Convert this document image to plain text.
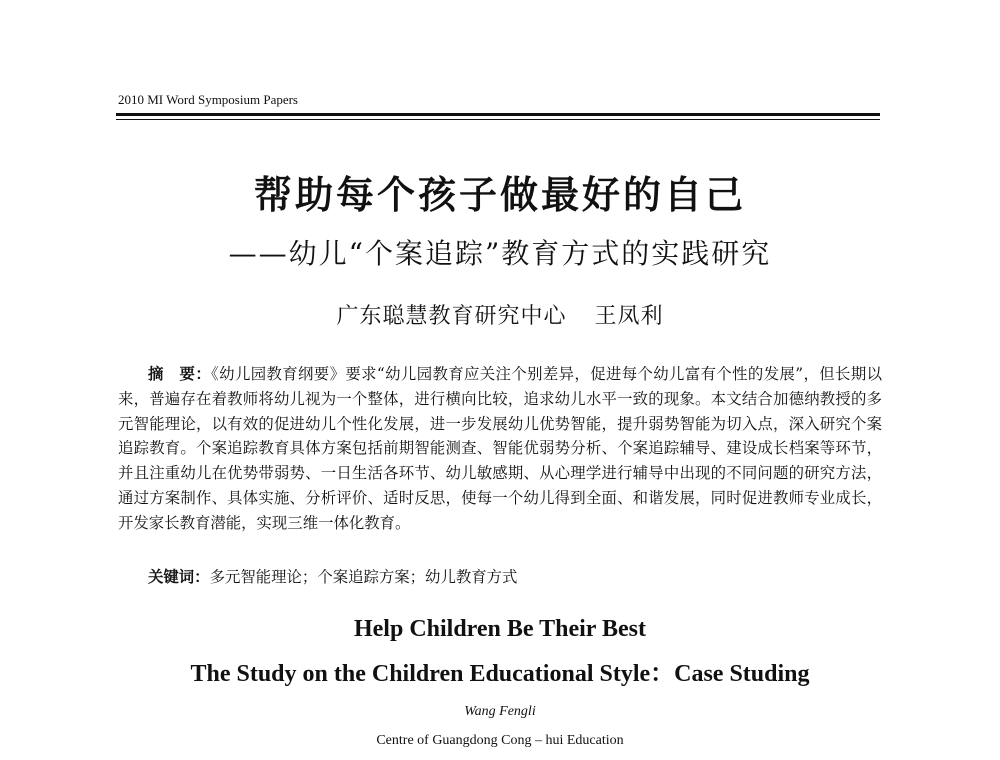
2010 MI Word Symposium Papers
帮助每个孩子做最好的自己
——幼儿“个案追踪”教育方式的实践研究
广东聪慧教育研究中心 王凤利

摘　要：《幼儿园教育纲要》要求“幼儿园教育应关注个别差异，促进每个幼儿富有个性的发展”，但长期以来，普遍存在着教师将幼儿视为一个整体，进行横向比较，追求幼儿水平一致的现象。本文结合加德纳教授的多元智能理论，以有效的促进幼儿个性化发展，进一步发展幼儿优势智能，提升弱势智能为切入点，深入研究个案追踪教育。个案追踪教育具体方案包括前期智能测查、智能优弱势分析、个案追踪辅导、建设成长档案等环节，并且注重幼儿在优势带弱势、一日生活各环节、幼儿敏感期、从心理学进行辅导中出现的不同问题的研究方法，通过方案制作、具体实施、分析评价、适时反思，使每一个幼儿得到全面、和谐发展，同时促进教师专业成长，开发家长教育潜能，实现三维一体化教育。

关键词：多元智能理论；个案追踪方案；幼儿教育方式

Help Children Be Their Best
The Study on the Children Educational Style：Case Studing
Wang Fengli
Centre of Guangdong Cong – hui Education
